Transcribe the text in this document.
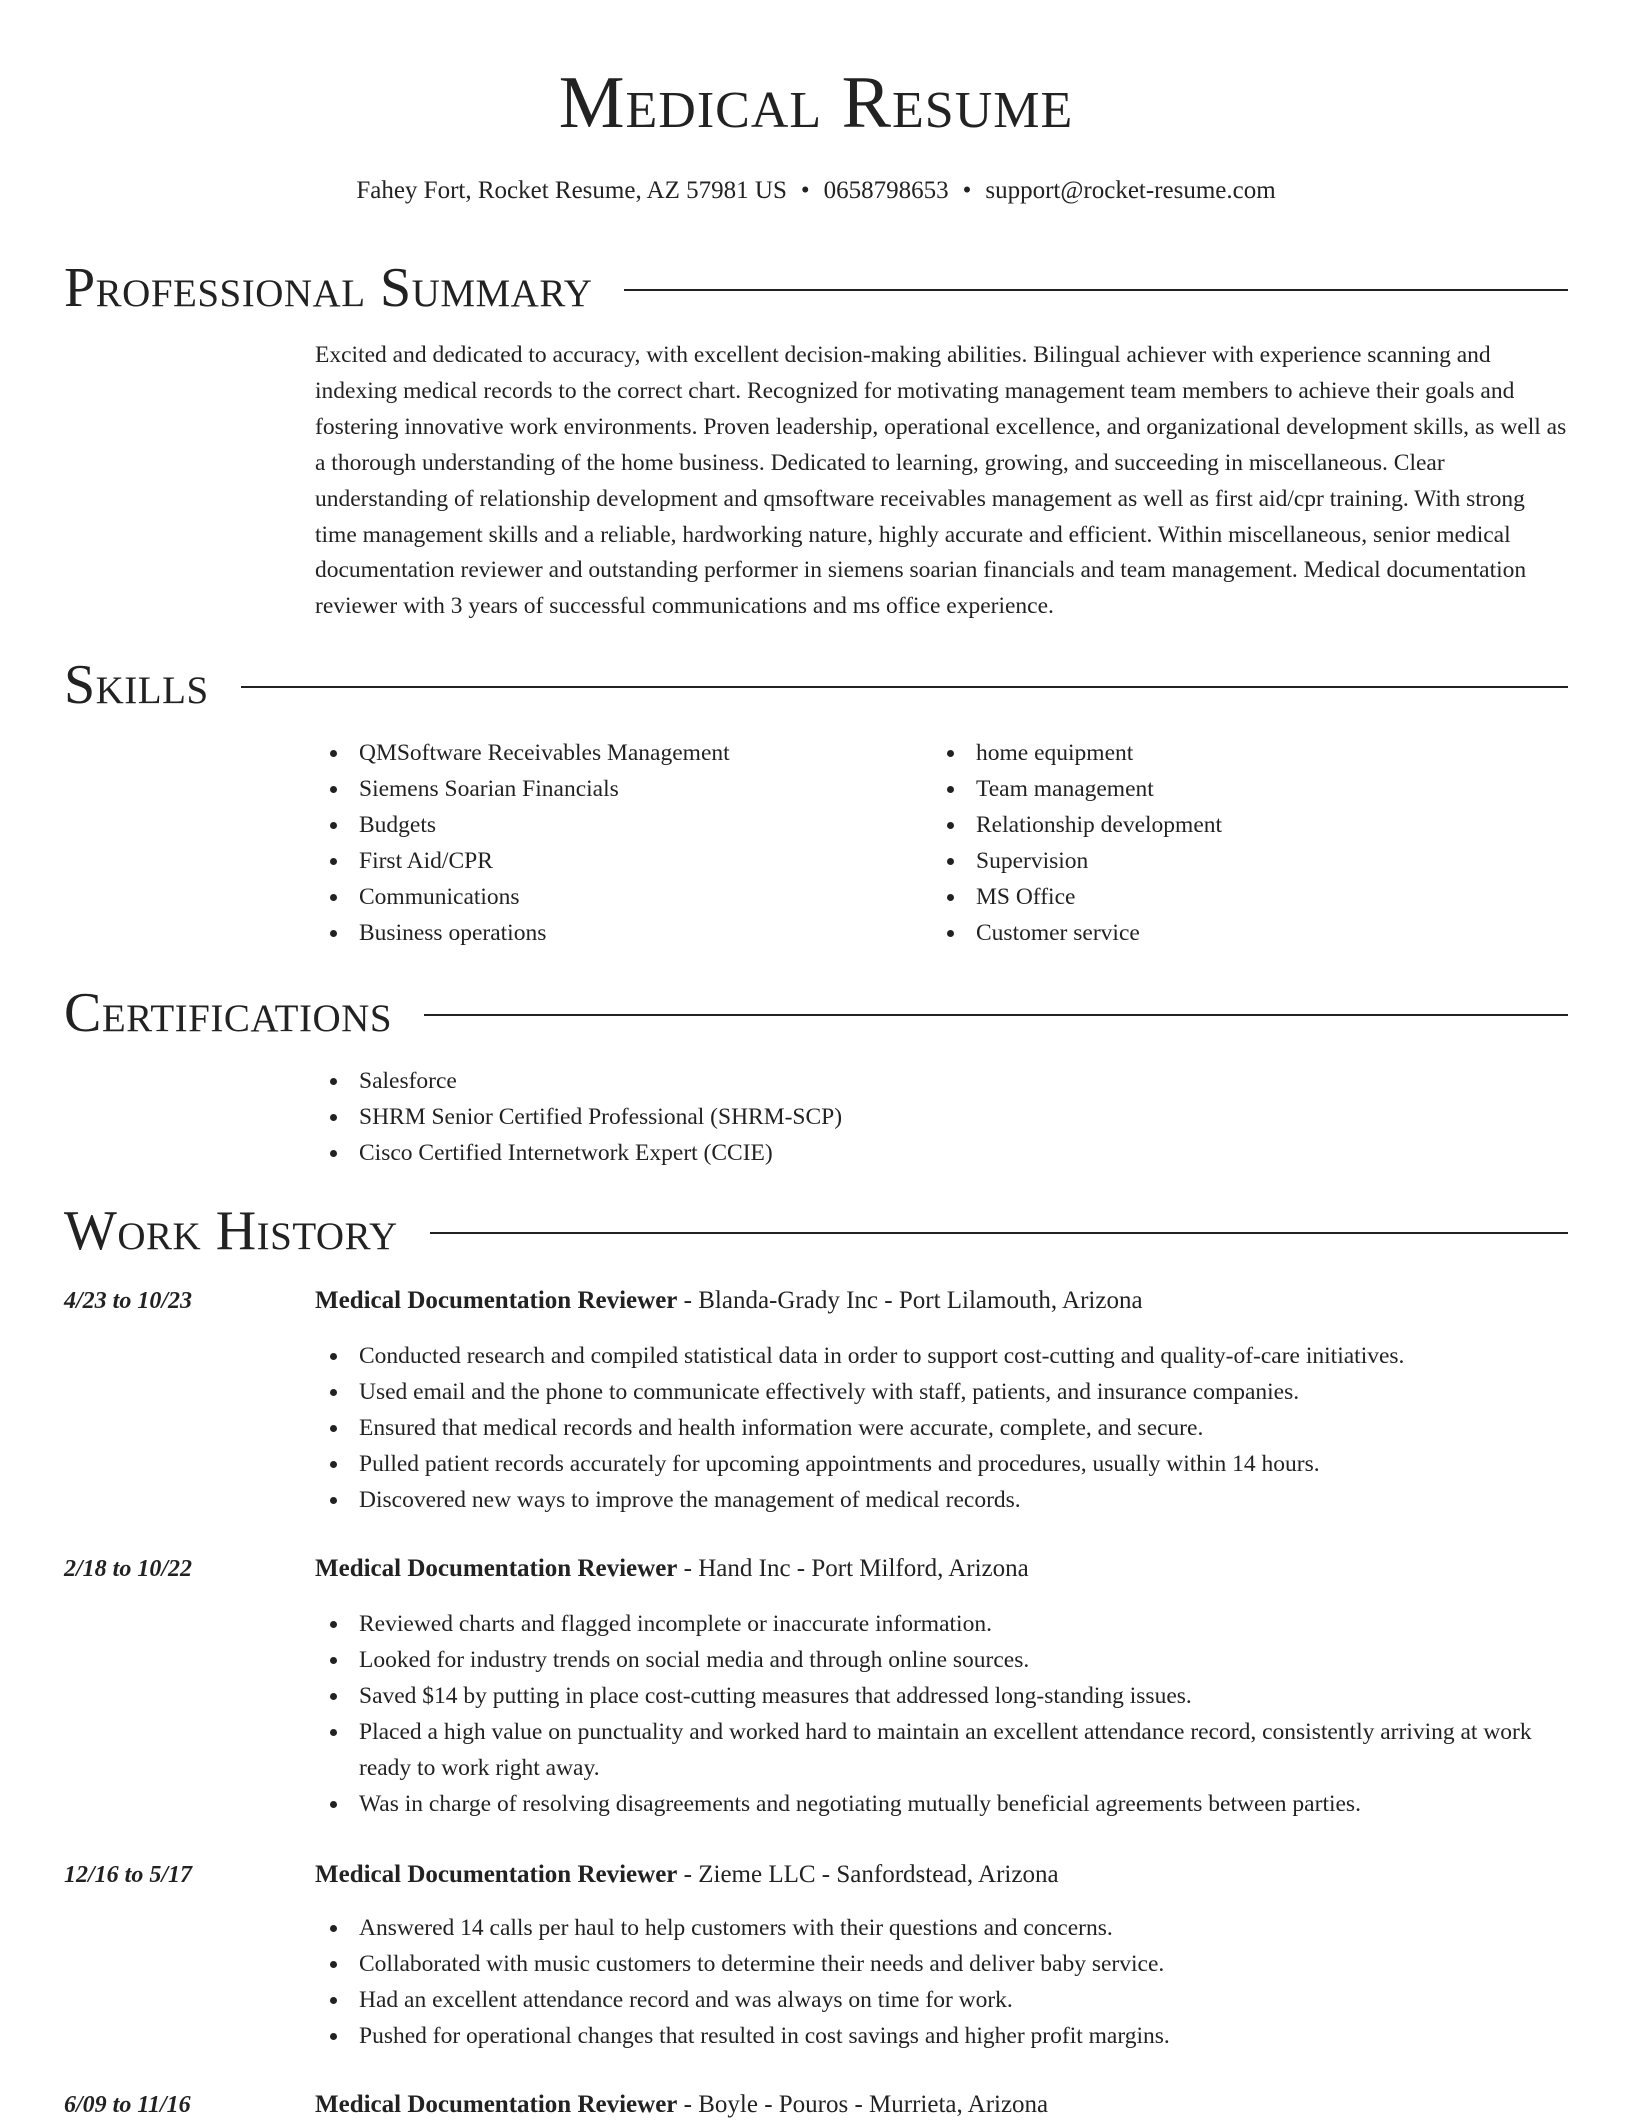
Medical Resume
Fahey Fort, Rocket Resume, AZ 57981 US • 0658798653 • support@rocket-resume.com
Professional Summary

Excited and dedicated to accuracy, with excellent decision-making abilities. Bilingual achiever with experience scanning and indexing medical records to the correct chart. Recognized for motivating management team members to achieve their goals and fostering innovative work environments. Proven leadership, operational excellence, and organizational development skills, as well as a thorough understanding of the home business. Dedicated to learning, growing, and succeeding in miscellaneous. Clear understanding of relationship development and qmsoftware receivables management as well as first aid/cpr training. With strong time management skills and a reliable, hardworking nature, highly accurate and efficient. Within miscellaneous, senior medical documentation reviewer and outstanding performer in siemens soarian financials and team management. Medical documentation reviewer with 3 years of successful communications and ms office experience.

Skills
QMSoftware Receivables Management
Siemens Soarian Financials
Budgets
First Aid/CPR
Communications
Business operations
home equipment
Team management
Relationship development
Supervision
MS Office
Customer service
Certifications
Salesforce
SHRM Senior Certified Professional (SHRM-SCP)
Cisco Certified Internetwork Expert (CCIE)
Work History
4/23 to 10/23	Medical Documentation Reviewer - Blanda-Grady Inc - Port Lilamouth, Arizona
Conducted research and compiled statistical data in order to support cost-cutting and quality-of-care initiatives.
Used email and the phone to communicate effectively with staff, patients, and insurance companies.
Ensured that medical records and health information were accurate, complete, and secure.
Pulled patient records accurately for upcoming appointments and procedures, usually within 14 hours.
Discovered new ways to improve the management of medical records.
2/18 to 10/22	Medical Documentation Reviewer - Hand Inc - Port Milford, Arizona
Reviewed charts and flagged incomplete or inaccurate information.
Looked for industry trends on social media and through online sources.
Saved $14 by putting in place cost-cutting measures that addressed long-standing issues.
Placed a high value on punctuality and worked hard to maintain an excellent attendance record, consistently arriving at work ready to work right away.
Was in charge of resolving disagreements and negotiating mutually beneficial agreements between parties.
12/16 to 5/17	Medical Documentation Reviewer - Zieme LLC - Sanfordstead, Arizona
Answered 14 calls per haul to help customers with their questions and concerns.
Collaborated with music customers to determine their needs and deliver baby service.
Had an excellent attendance record and was always on time for work.
Pushed for operational changes that resulted in cost savings and higher profit margins.
6/09 to 11/16	Medical Documentation Reviewer - Boyle - Pouros - Murrieta, Arizona
